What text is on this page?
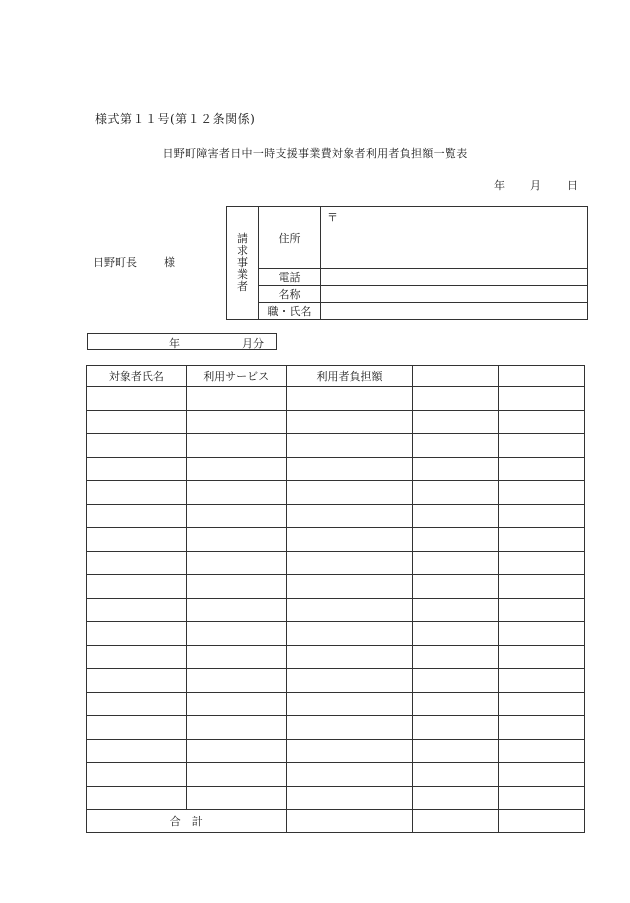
様式第１１号(第１２条関係)
日野町障害者日中一時支援事業費対象者利用者負担額一覧表
年 月 日
日野町長 様
請求事業者	住所	〒
	電話	
	名称	
	職・氏名	
年	月分
対象者氏名	利用サービス	利用者負担額		

合　計				
